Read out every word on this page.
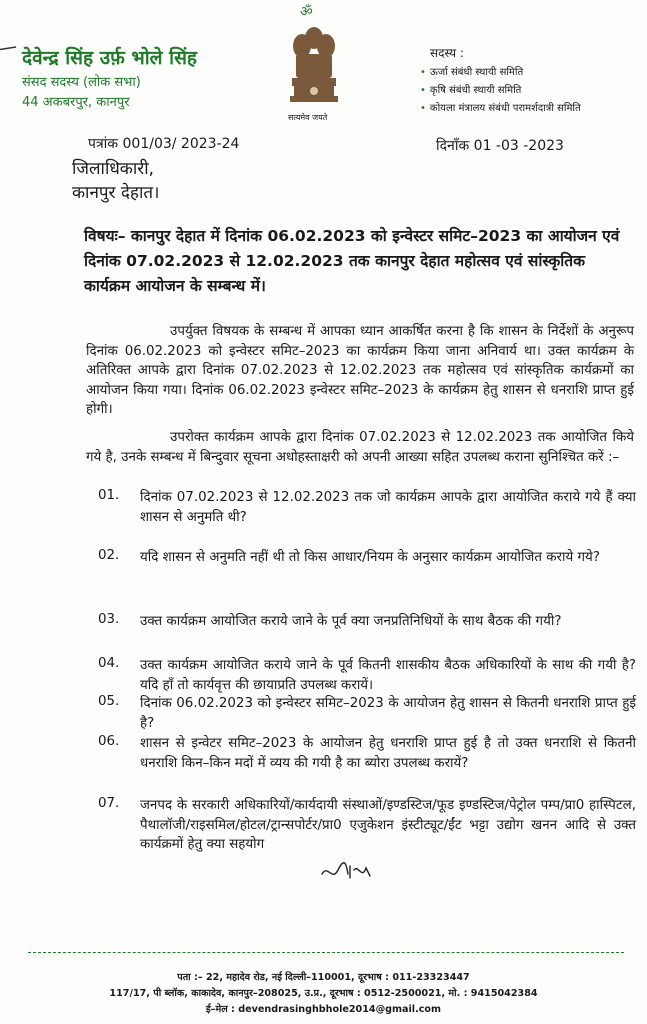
देवेन्द्र सिंह उर्फ़ भोले सिंह
संसद सदस्य (लोक सभा)
44 अकबरपुर, कानपुर
ॐ
सत्यमेव जयते
सदस्य :
• ऊर्जा संबंधी स्थायी समिति
• कृषि संबंधी स्थायी समिति
• कोयला मंत्रालय संबंधी परामर्शदात्री समिति
पत्रांक 001/03/ 2023-24	दिनाँक 01 -03 -2023
जिलाधिकारी,
कानपुर देहात।
विषयः– कानपुर देहात में दिनांक 06.02.2023 को इन्वेस्टर समिट–2023 का आयोजन एवं दिनांक 07.02.2023 से 12.02.2023 तक कानपुर देहात महोत्सव एवं सांस्कृतिक कार्यक्रम आयोजन के सम्बन्ध में।
उपर्युक्त विषयक के सम्बन्ध में आपका ध्यान आकर्षित करना है कि शासन के निर्देशों के अनुरूप दिनांक 06.02.2023 को इन्वेस्टर समिट–2023 का कार्यक्रम किया जाना अनिवार्य था। उक्त कार्यक्रम के अतिरिक्त आपके द्वारा दिनांक 07.02.2023 से 12.02.2023 तक महोत्सव एवं सांस्कृतिक कार्यक्रमों का आयोजन किया गया। दिनांक 06.02.2023 इन्वेस्टर समिट–2023 के कार्यक्रम हेतु शासन से धनराशि प्राप्त हुई होगी।
उपरोक्त कार्यक्रम आपके द्वारा दिनांक 07.02.2023 से 12.02.2023 तक आयोजित किये गये है, उनके सम्बन्ध में बिन्दुवार सूचना अधोहस्ताक्षरी को अपनी आख्या सहित उपलब्ध कराना सुनिश्चित करें :–
01. दिनांक 07.02.2023 से 12.02.2023 तक जो कार्यक्रम आपके द्वारा आयोजित कराये गये हैं क्या शासन से अनुमति थी?
02. यदि शासन से अनुमति नहीं थी तो किस आधार/नियम के अनुसार कार्यक्रम आयोजित कराये गये?
03. उक्त कार्यक्रम आयोजित कराये जाने के पूर्व क्या जनप्रतिनिधियों के साथ बैठक की गयी?
04. उक्त कार्यक्रम आयोजित कराये जाने के पूर्व कितनी शासकीय बैठक अधिकारियों के साथ की गयी है? यदि हाँ तो कार्यवृत्त की छायाप्रति उपलब्ध करायें।
05. दिनांक 06.02.2023 को इन्वेस्टर समिट–2023 के आयोजन हेतु शासन से कितनी धनराशि प्राप्त हुई है?
06. शासन से इन्वेटर समिट–2023 के आयोजन हेतु धनराशि प्राप्त हुई है तो उक्त धनराशि से कितनी धनराशि किन–किन मदों में व्यय की गयी है का ब्योरा उपलब्ध करायें?
07. जनपद के सरकारी अधिकारियों/कार्यदायी संस्थाओं/इण्डस्टिज/फूड इण्डस्टिज/पेट्रोल पम्प/प्रा0 हास्पिटल, पैथालॉजी/राइसमिल/होटल/ट्रान्सपोर्टर/प्रा0 एजुकेशन इंस्टीट्यूट/ईंट भट्टा उद्योग खनन आदि से उक्त कार्यक्रमों हेतु क्या सहयोग
पता :– 22, महादेव रोड, नई दिल्ली–110001, दूरभाष : 011-23323447
117/17, पी ब्लॉक, काकादेव, कानपुर–208025, उ.प्र., दूरभाष : 0512-2500021, मो. : 9415042384
ई–मेल : devendrasinghbhole2014@gmail.com
